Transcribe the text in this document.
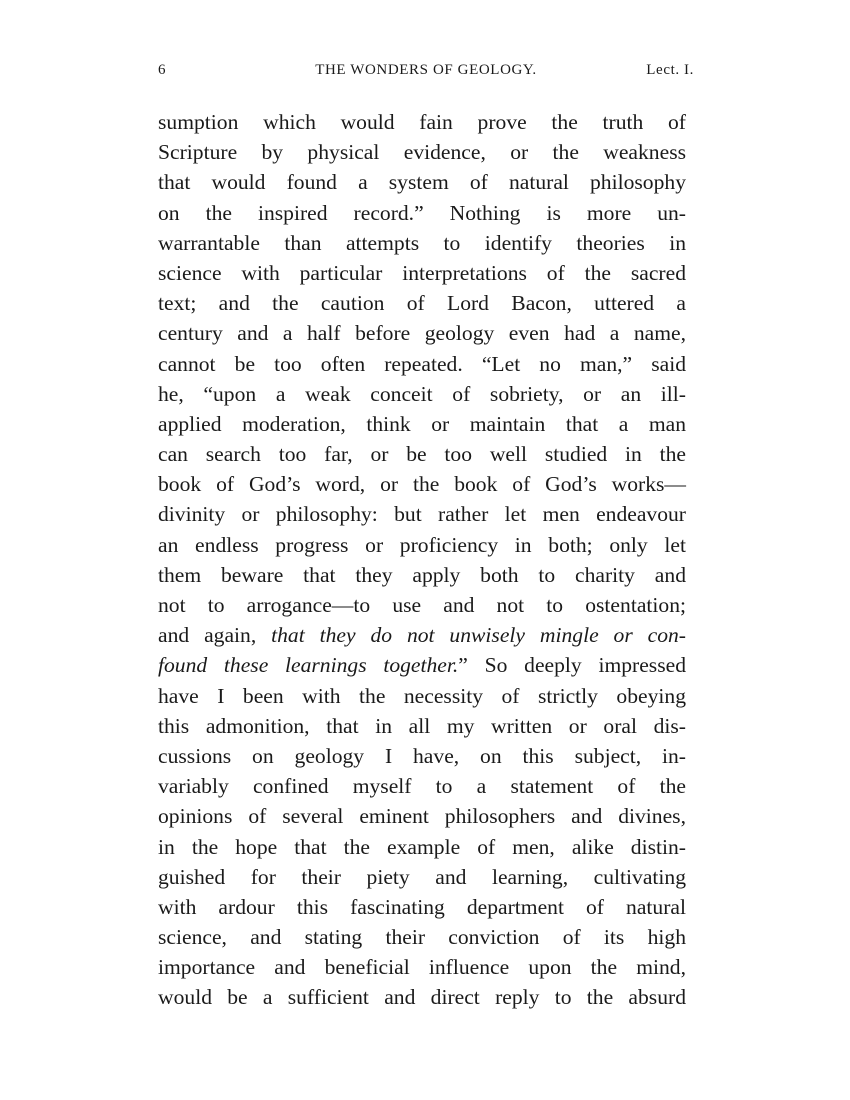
6	THE WONDERS OF GEOLOGY.	Lect. I.
sumption which would fain prove the truth of
Scripture by physical evidence, or the weakness
that would found a system of natural philosophy
on the inspired record.” Nothing is more un-
warrantable than attempts to identify theories in
science with particular interpretations of the sacred
text; and the caution of Lord Bacon, uttered a
century and a half before geology even had a name,
cannot be too often repeated. “Let no man,” said
he, “upon a weak conceit of sobriety, or an ill-
applied moderation, think or maintain that a man
can search too far, or be too well studied in the
book of God’s word, or the book of God’s works—
divinity or philosophy: but rather let men endeavour
an endless progress or proficiency in both; only let
them beware that they apply both to charity and
not to arrogance—to use and not to ostentation;
and again, that they do not unwisely mingle or con-
found these learnings together.” So deeply impressed
have I been with the necessity of strictly obeying
this admonition, that in all my written or oral dis-
cussions on geology I have, on this subject, in-
variably confined myself to a statement of the
opinions of several eminent philosophers and divines,
in the hope that the example of men, alike distin-
guished for their piety and learning, cultivating
with ardour this fascinating department of natural
science, and stating their conviction of its high
importance and beneficial influence upon the mind,
would be a sufficient and direct reply to the absurd
